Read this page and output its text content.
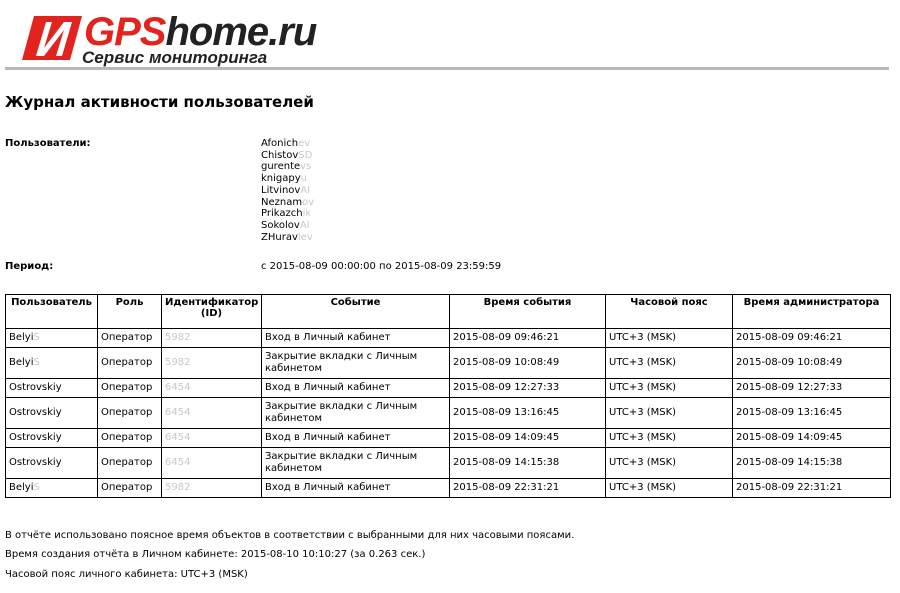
GPShome.ru
Сервис мониторинга
Журнал активности пользователей
Пользователи:	Afonichev
ChistovSD
gurentevs
knigapyu
LitvinovAI
Neznamov
Prikazchik
SokolovAI
ZHuravlev
Период:	с 2015-08-09 00:00:00 по 2015-08-09 23:59:59
Пользователь	Роль	Идентификатор (ID)	Событие	Время события	Часовой пояс	Время администратора
BelyiS	Оператор	5982	Вход в Личный кабинет	2015-08-09 09:46:21	UTC+3 (MSK)	2015-08-09 09:46:21
BelyiS	Оператор	5982	Закрытие вкладки с Личным кабинетом	2015-08-09 10:08:49	UTC+3 (MSK)	2015-08-09 10:08:49
Ostrovskiy	Оператор	6454	Вход в Личный кабинет	2015-08-09 12:27:33	UTC+3 (MSK)	2015-08-09 12:27:33
Ostrovskiy	Оператор	6454	Закрытие вкладки с Личным кабинетом	2015-08-09 13:16:45	UTC+3 (MSK)	2015-08-09 13:16:45
Ostrovskiy	Оператор	6454	Вход в Личный кабинет	2015-08-09 14:09:45	UTC+3 (MSK)	2015-08-09 14:09:45
Ostrovskiy	Оператор	6454	Закрытие вкладки с Личным кабинетом	2015-08-09 14:15:38	UTC+3 (MSK)	2015-08-09 14:15:38
BelyiS	Оператор	5982	Вход в Личный кабинет	2015-08-09 22:31:21	UTC+3 (MSK)	2015-08-09 22:31:21
В отчёте использовано поясное время объектов в соответствии с выбранными для них часовыми поясами.
Время создания отчёта в Личном кабинете: 2015-08-10 10:10:27 (за 0.263 сек.)
Часовой пояс личного кабинета: UTC+3 (MSK)
